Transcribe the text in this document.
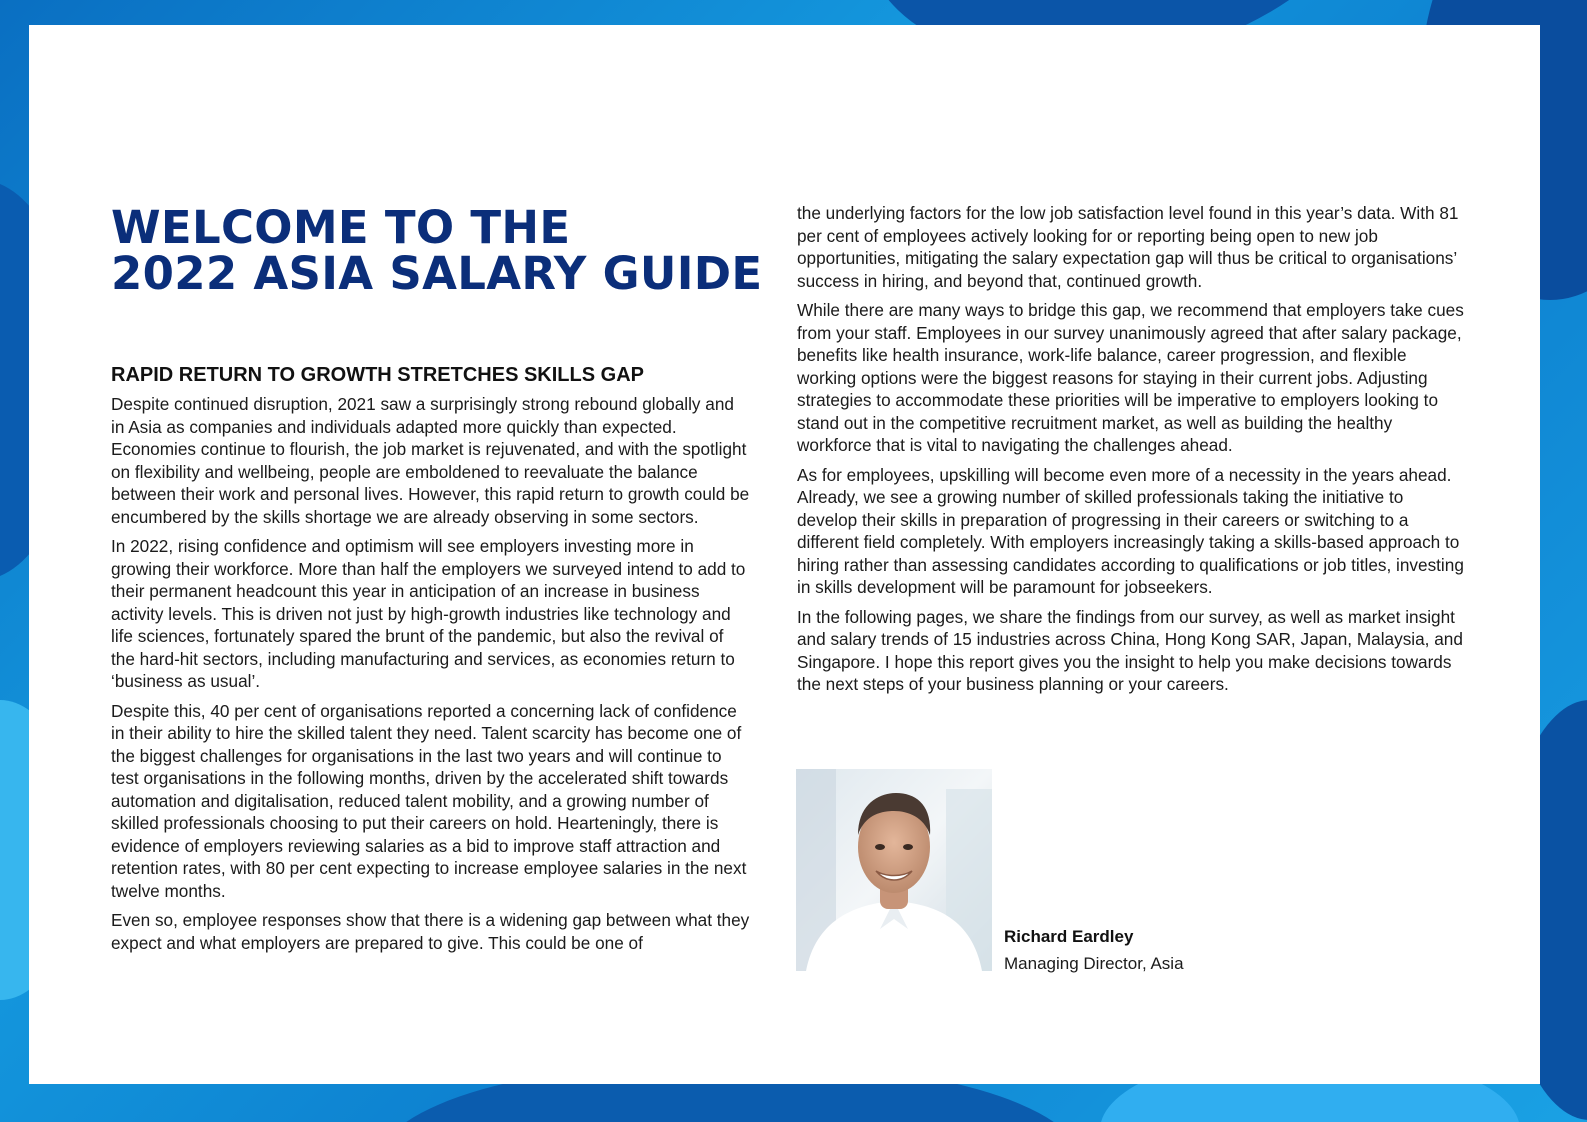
WELCOME TO THE
2022 ASIA SALARY GUIDE
RAPID RETURN TO GROWTH STRETCHES SKILLS GAP

Despite continued disruption, 2021 saw a surprisingly strong rebound globally and in Asia as companies and individuals adapted more quickly than expected. Economies continue to flourish, the job market is rejuvenated, and with the spotlight on flexibility and wellbeing, people are emboldened to reevaluate the balance between their work and personal lives. However, this rapid return to growth could be encumbered by the skills shortage we are already observing in some sectors.

In 2022, rising confidence and optimism will see employers investing more in growing their workforce. More than half the employers we surveyed intend to add to their permanent headcount this year in anticipation of an increase in business activity levels. This is driven not just by high-growth industries like technology and life sciences, fortunately spared the brunt of the pandemic, but also the revival of the hard-hit sectors, including manufacturing and services, as economies return to ‘business as usual’.

Despite this, 40 per cent of organisations reported a concerning lack of confidence in their ability to hire the skilled talent they need. Talent scarcity has become one of the biggest challenges for organisations in the last two years and will continue to test organisations in the following months, driven by the accelerated shift towards automation and digitalisation, reduced talent mobility, and a growing number of skilled professionals choosing to put their careers on hold. Hearteningly, there is evidence of employers reviewing salaries as a bid to improve staff attraction and retention rates, with 80 per cent expecting to increase employee salaries in the next twelve months.

Even so, employee responses show that there is a widening gap between what they expect and what employers are prepared to give. This could be one of

the underlying factors for the low job satisfaction level found in this year’s data. With 81 per cent of employees actively looking for or reporting being open to new job opportunities, mitigating the salary expectation gap will thus be critical to organisations’ success in hiring, and beyond that, continued growth.

While there are many ways to bridge this gap, we recommend that employers take cues from your staff. Employees in our survey unanimously agreed that after salary package, benefits like health insurance, work-life balance, career progression, and flexible working options were the biggest reasons for staying in their current jobs. Adjusting strategies to accommodate these priorities will be imperative to employers looking to stand out in the competitive recruitment market, as well as building the healthy workforce that is vital to navigating the challenges ahead.

As for employees, upskilling will become even more of a necessity in the years ahead. Already, we see a growing number of skilled professionals taking the initiative to develop their skills in preparation of progressing in their careers or switching to a different field completely. With employers increasingly taking a skills-based approach to hiring rather than assessing candidates according to qualifications or job titles, investing in skills development will be paramount for jobseekers.

In the following pages, we share the findings from our survey, as well as market insight and salary trends of 15 industries across China, Hong Kong SAR, Japan, Malaysia, and Singapore. I hope this report gives you the insight to help you make decisions towards the next steps of your business planning or your careers.

Richard Eardley
Managing Director, Asia
